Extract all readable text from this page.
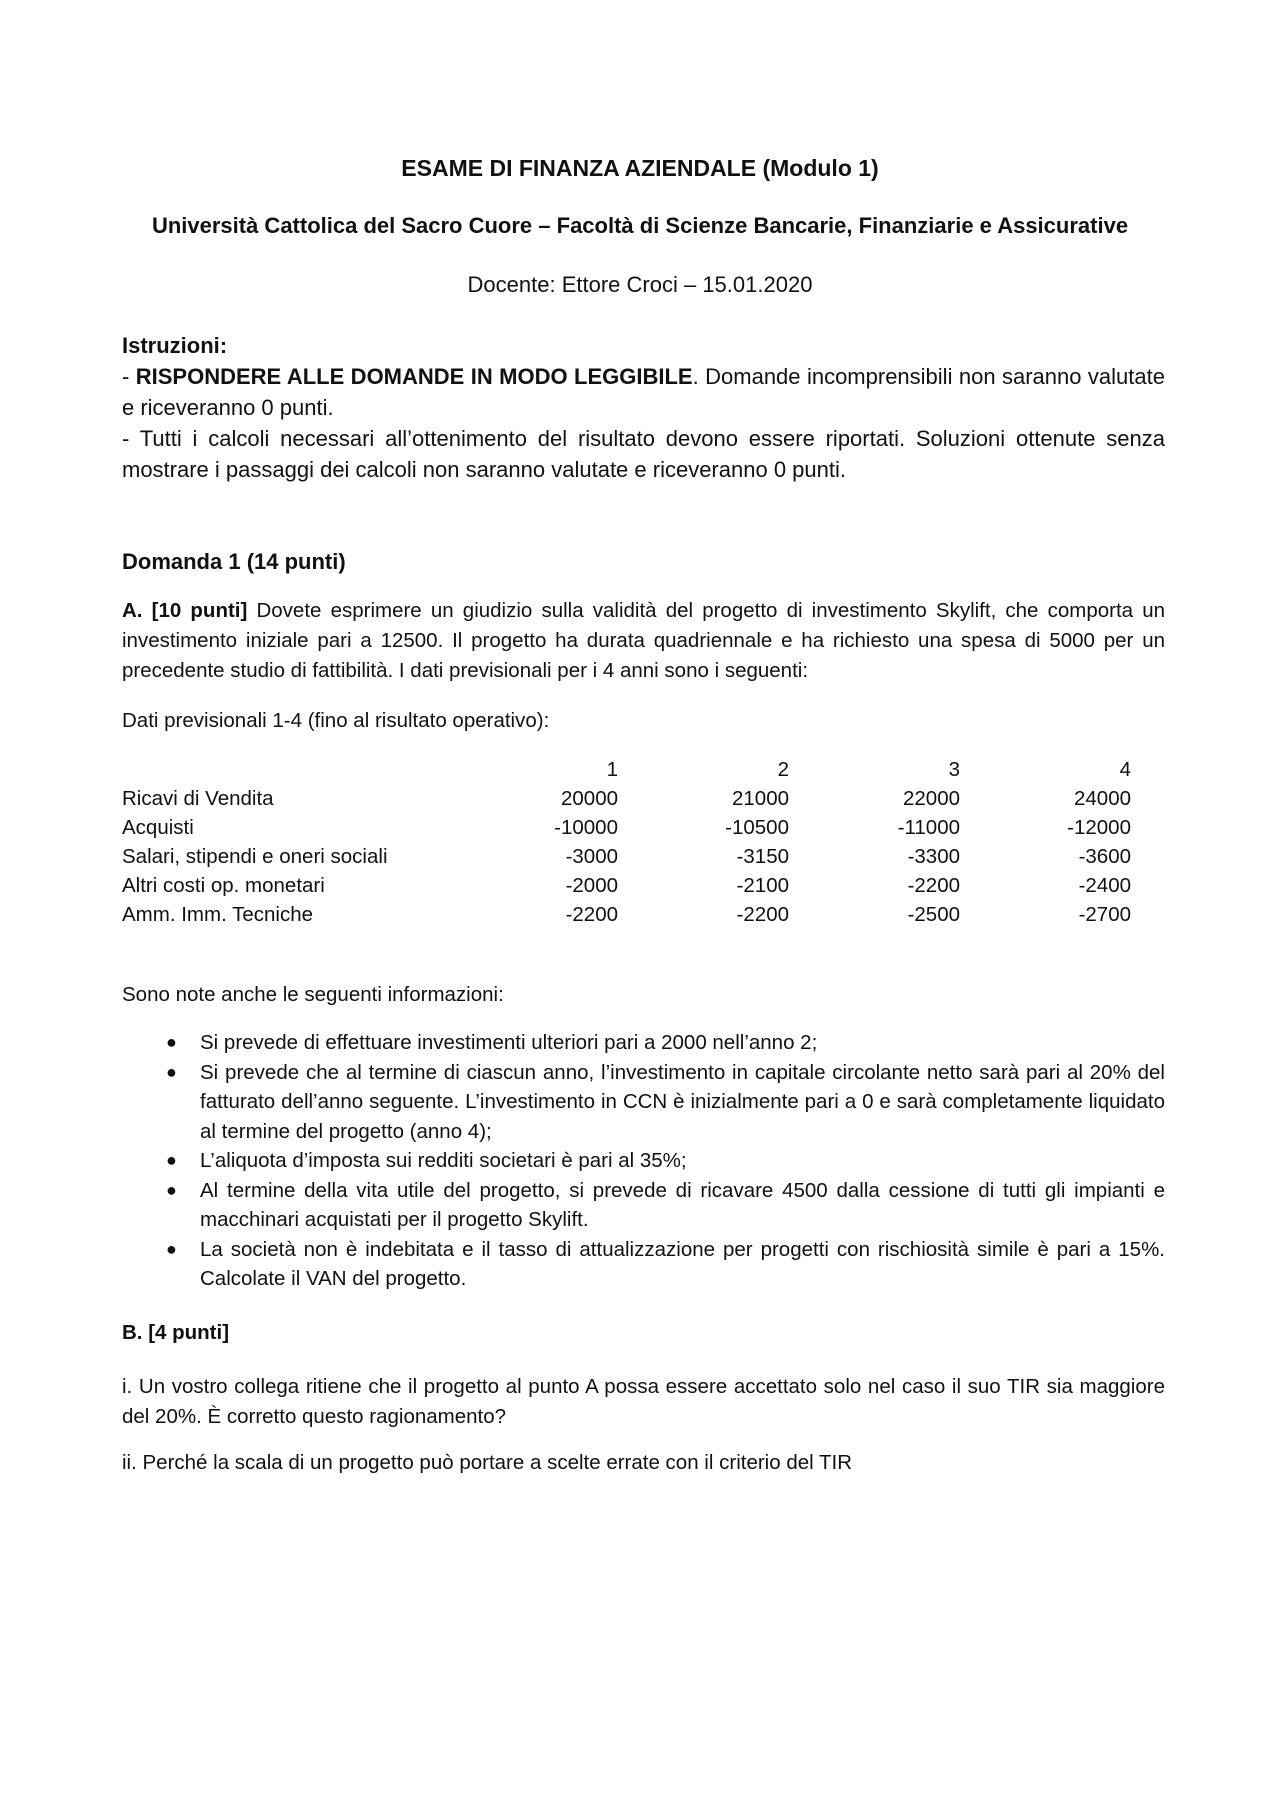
ESAME DI FINANZA AZIENDALE (Modulo 1)
Università Cattolica del Sacro Cuore – Facoltà di Scienze Bancarie, Finanziarie e Assicurative
Docente: Ettore Croci – 15.01.2020
Istruzioni:

- RISPONDERE ALLE DOMANDE IN MODO LEGGIBILE. Domande incomprensibili non saranno valutate e riceveranno 0 punti.

- Tutti i calcoli necessari all’ottenimento del risultato devono essere riportati. Soluzioni ottenute senza mostrare i passaggi dei calcoli non saranno valutate e riceveranno 0 punti.

Domanda 1 (14 punti)

A. [10 punti] Dovete esprimere un giudizio sulla validità del progetto di investimento Skylift, che comporta un investimento iniziale pari a 12500. Il progetto ha durata quadriennale e ha richiesto una spesa di 5000 per un precedente studio di fattibilità. I dati previsionali per i 4 anni sono i seguenti:

Dati previsionali 1-4 (fino al risultato operativo):
	1	2	3	4
Ricavi di Vendita	20000	21000	22000	24000
Acquisti	-10000	-10500	-11000	-12000
Salari, stipendi e oneri sociali	-3000	-3150	-3300	-3600
Altri costi op. monetari	-2000	-2100	-2200	-2400
Amm. Imm. Tecniche	-2200	-2200	-2500	-2700
Sono note anche le seguenti informazioni:
● Si prevede di effettuare investimenti ulteriori pari a 2000 nell’anno 2;
● Si prevede che al termine di ciascun anno, l’investimento in capitale circolante netto sarà pari al 20% del fatturato dell’anno seguente. L’investimento in CCN è inizialmente pari a 0 e sarà completamente liquidato al termine del progetto (anno 4);
● L’aliquota d’imposta sui redditi societari è pari al 35%;
● Al termine della vita utile del progetto, si prevede di ricavare 4500 dalla cessione di tutti gli impianti e macchinari acquistati per il progetto Skylift.
● La società non è indebitata e il tasso di attualizzazione per progetti con rischiosità simile è pari a 15%. Calcolate il VAN del progetto.
B. [4 punti]
i. Un vostro collega ritiene che il progetto al punto A possa essere accettato solo nel caso il suo TIR sia maggiore del 20%. È corretto questo ragionamento?
ii. Perché la scala di un progetto può portare a scelte errate con il criterio del TIR
